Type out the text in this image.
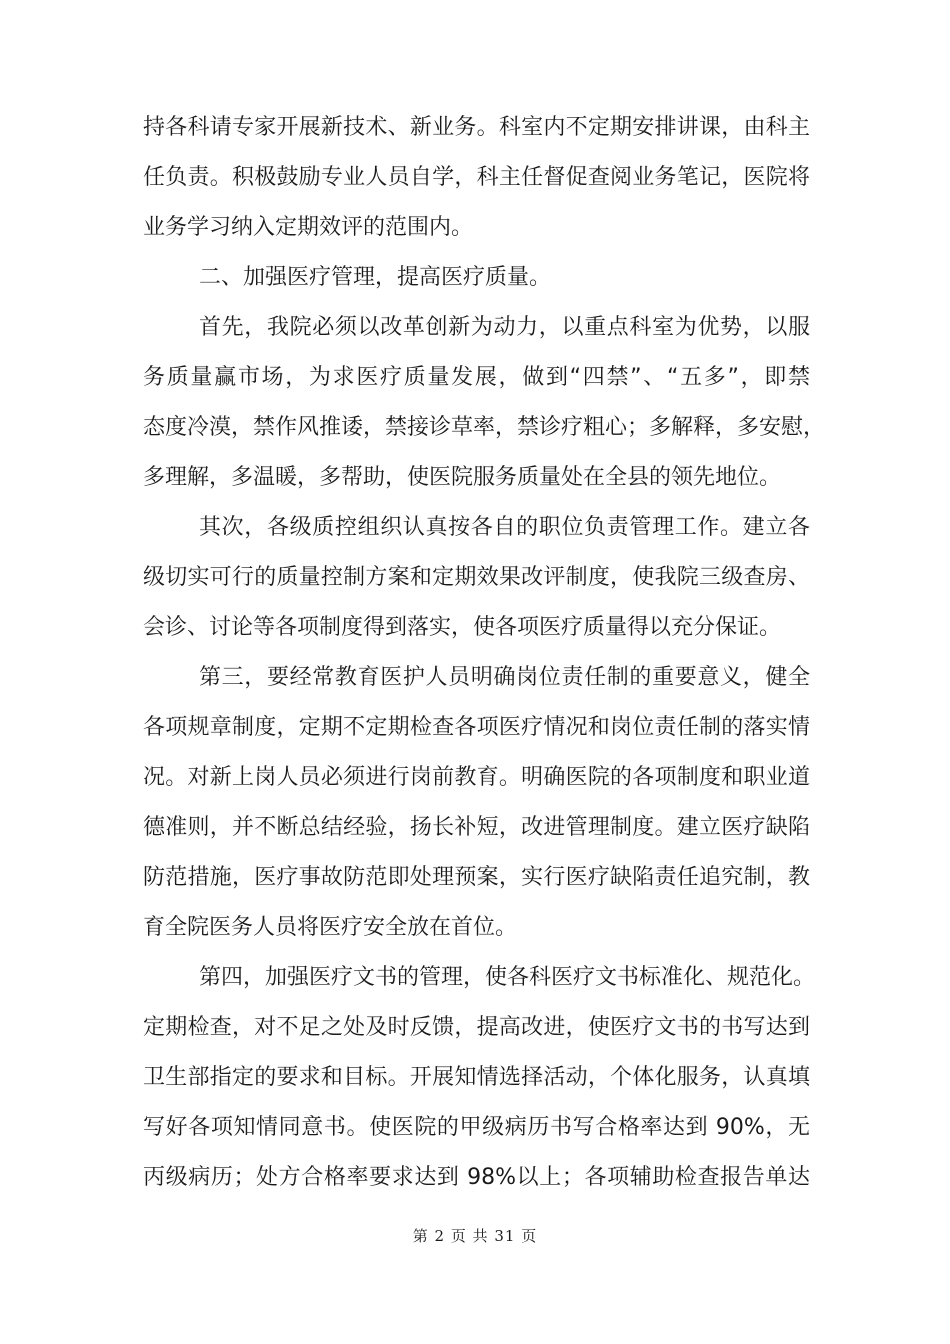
持各科请专家开展新技术、新业务。科室内不定期安排讲课，由科主
任负责。积极鼓励专业人员自学，科主任督促查阅业务笔记，医院将
业务学习纳入定期效评的范围内。
二、加强医疗管理，提高医疗质量。
首先，我院必须以改革创新为动力，以重点科室为优势，以服
务质量赢市场，为求医疗质量发展，做到“四禁”、“五多”，即禁
态度冷漠，禁作风推诿，禁接诊草率，禁诊疗粗心；多解释，多安慰，
多理解，多温暖，多帮助，使医院服务质量处在全县的领先地位。
其次，各级质控组织认真按各自的职位负责管理工作。建立各
级切实可行的质量控制方案和定期效果改评制度，使我院三级查房、
会诊、讨论等各项制度得到落实，使各项医疗质量得以充分保证。
第三，要经常教育医护人员明确岗位责任制的重要意义，健全
各项规章制度，定期不定期检查各项医疗情况和岗位责任制的落实情
况。对新上岗人员必须进行岗前教育。明确医院的各项制度和职业道
德准则，并不断总结经验，扬长补短，改进管理制度。建立医疗缺陷
防范措施，医疗事故防范即处理预案，实行医疗缺陷责任追究制，教
育全院医务人员将医疗安全放在首位。
第四，加强医疗文书的管理，使各科医疗文书标准化、规范化。
定期检查，对不足之处及时反馈，提高改进，使医疗文书的书写达到
卫生部指定的要求和目标。开展知情选择活动，个体化服务，认真填
写好各项知情同意书。使医院的甲级病历书写合格率达到 90%，无
丙级病历；处方合格率要求达到 98%以上；各项辅助检查报告单达
第 2 页 共 31 页
